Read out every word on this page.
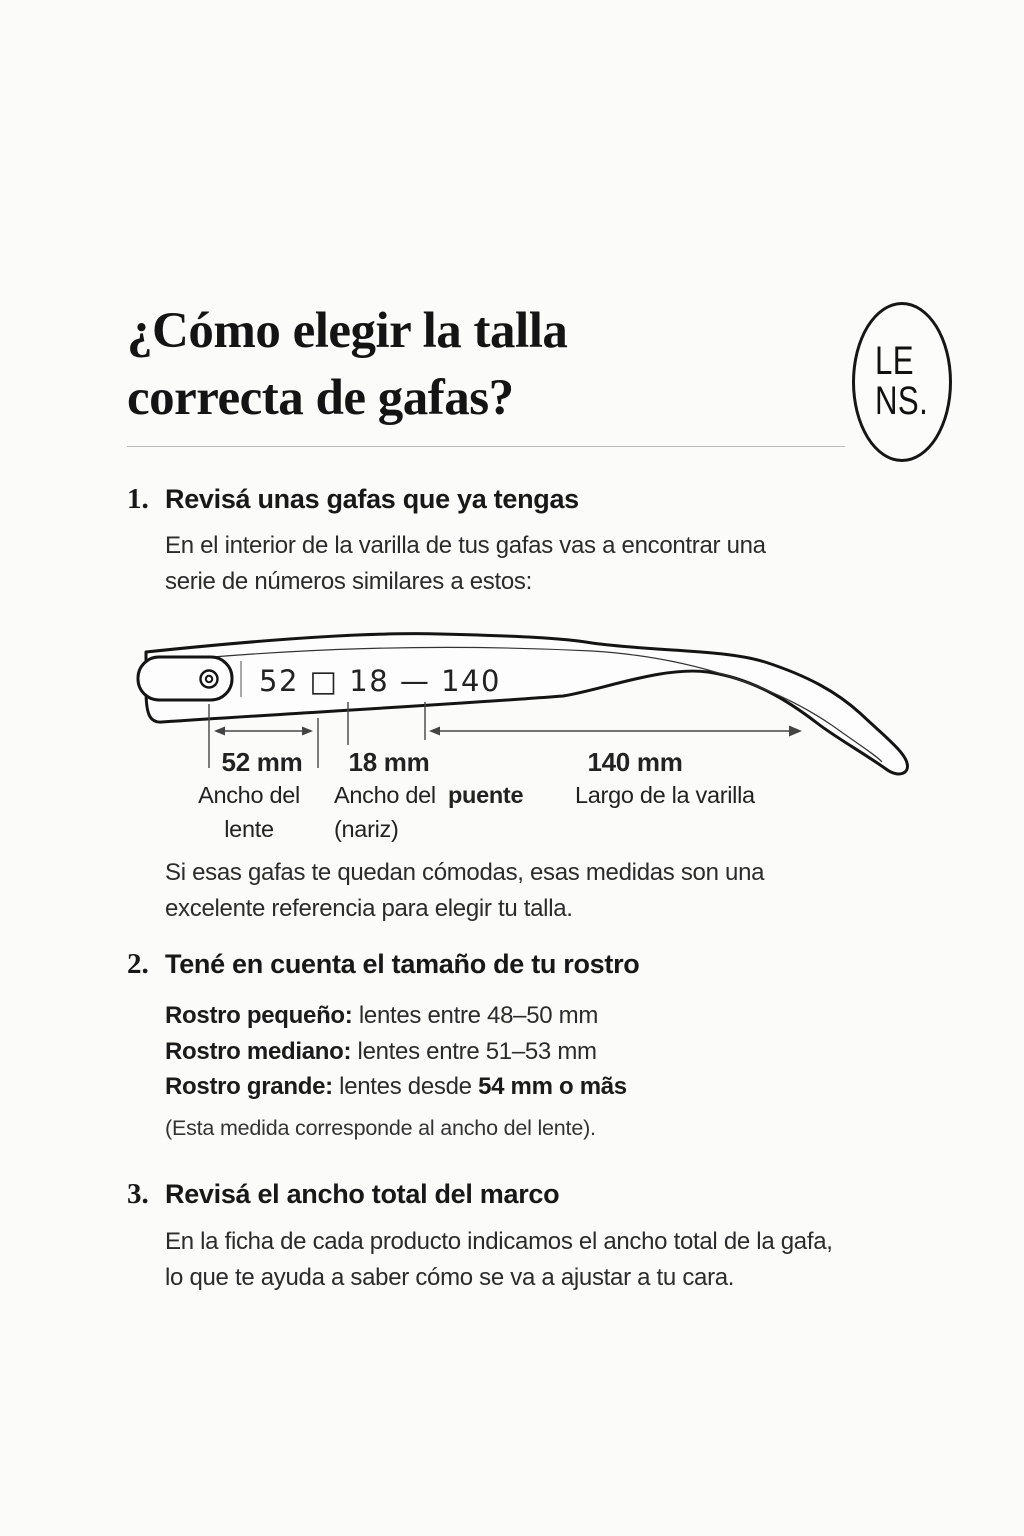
¿Cómo elegir la talla
correcta de gafas?
LE
NS.
1. Revisá unas gafas que ya tengas
En el interior de la varilla de tus gafas vas a encontrar una
serie de números similares a estos:
52 □ 18 — 140
52 mm 18 mm	140 mm
Ancho del
lente
Ancho del puente
(nariz)
Largo de la varilla
Si esas gafas te quedan cómodas, esas medidas son una
excelente referencia para elegir tu talla.
2. Tené en cuenta el tamaño de tu rostro
Rostro pequeño: lentes entre 48–50 mm
Rostro mediano: lentes entre 51–53 mm
Rostro grande: lentes desde 54 mm o mãs
(Esta medida corresponde al ancho del lente).
3. Revisá el ancho total del marco
En la ficha de cada producto indicamos el ancho total de la gafa,
lo que te ayuda a saber cómo se va a ajustar a tu cara.
